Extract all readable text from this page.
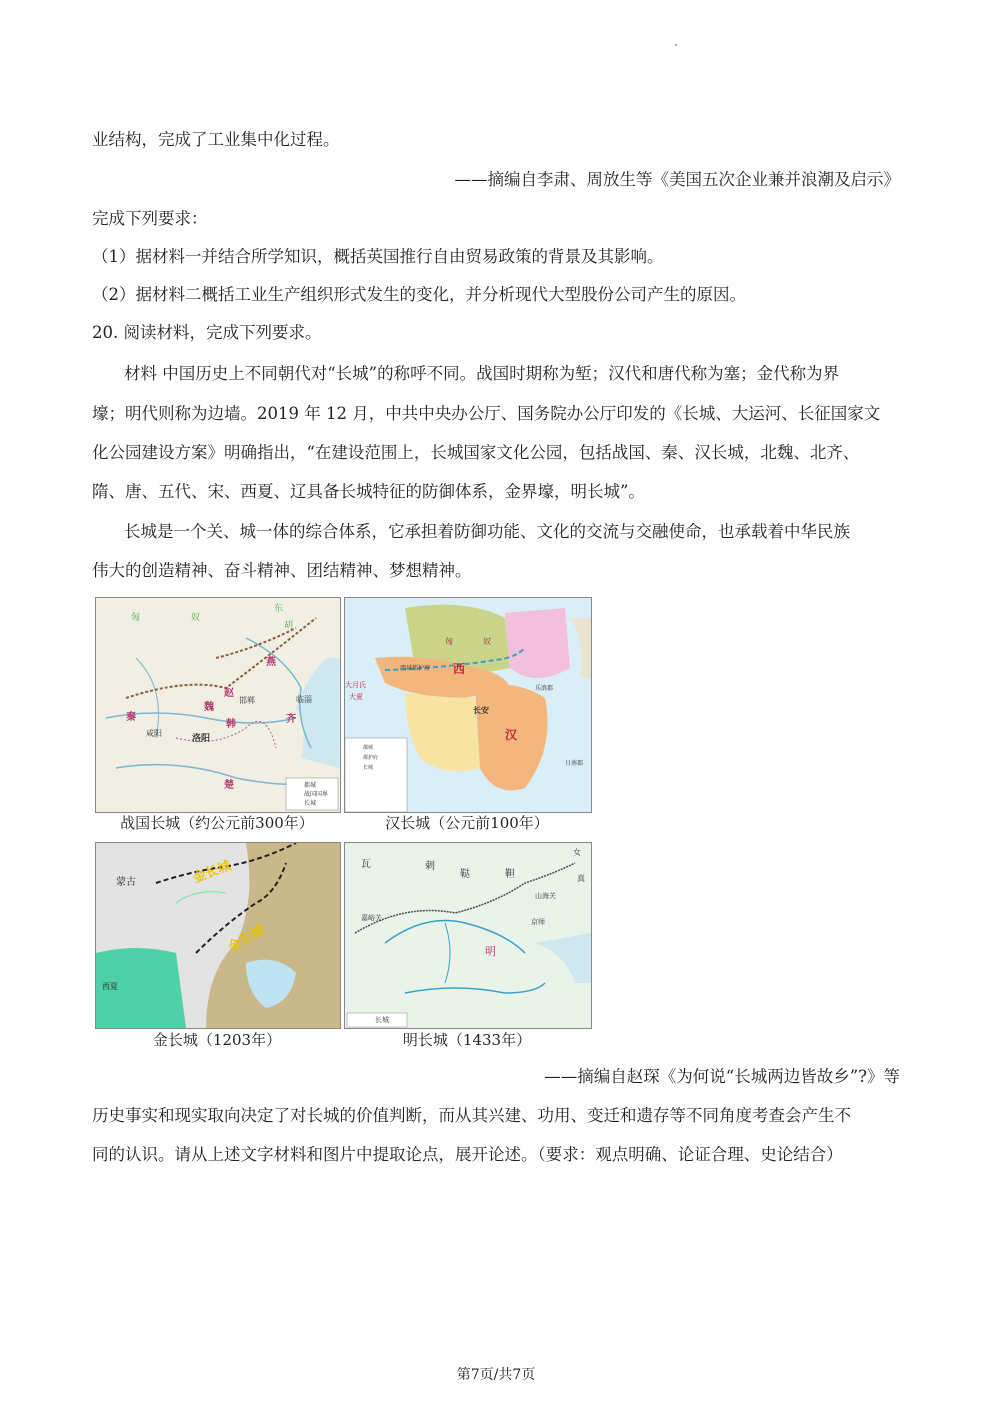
业结构，完成了工业集中化过程。
——摘编自李肃、周放生等《美国五次企业兼并浪潮及启示》
完成下列要求：
（1）据材料一并结合所学知识，概括英国推行自由贸易政策的背景及其影响。
（2）据材料二概括工业生产组织形式发生的变化，并分析现代大型股份公司产生的原因。
20. 阅读材料，完成下列要求。
材料 中国历史上不同朝代对“长城”的称呼不同。战国时期称为堑；汉代和唐代称为塞；金代称为界
壕；明代则称为边墙。2019 年 12 月，中共中央办公厅、国务院办公厅印发的《长城、大运河、长征国家文
化公园建设方案》明确指出，“在建设范围上，长城国家文化公园，包括战国、秦、汉长城，北魏、北齐、
隋、唐、五代、宋、西夏、辽具备长城特征的防御体系，金界壕，明长城”。
长城是一个关、城一体的综合体系，它承担着防御功能、文化的交流与交融使命，也承载着中华民族
伟大的创造精神、奋斗精神、团结精神、梦想精神。
匈	奴
东
胡
燕
赵
秦
魏
韩
洛阳
楚
齐
咸阳
邯郸	临淄
都城
战国国界
长城
战国长城（约公元前300年）
西
汉
匈	奴
长安
大月氏
大夏
西域都护府
乐浪郡
日南郡
都城
都护府
长城
汉长城（公元前100年）
蒙古	金长城
金长城
西夏
金长城（1203年）
瓦	剌
鞑	靼
女
真
山海关
京师
明
长城
嘉峪关
明长城（1433年）
——摘编自赵琛《为何说“长城两边皆故乡”?》等
历史事实和现实取向决定了对长城的价值判断，而从其兴建、功用、变迁和遗存等不同角度考查会产生不
同的认识。请从上述文字材料和图片中提取论点，展开论述。（要求：观点明确、论证合理、史论结合）
第7页/共7页
